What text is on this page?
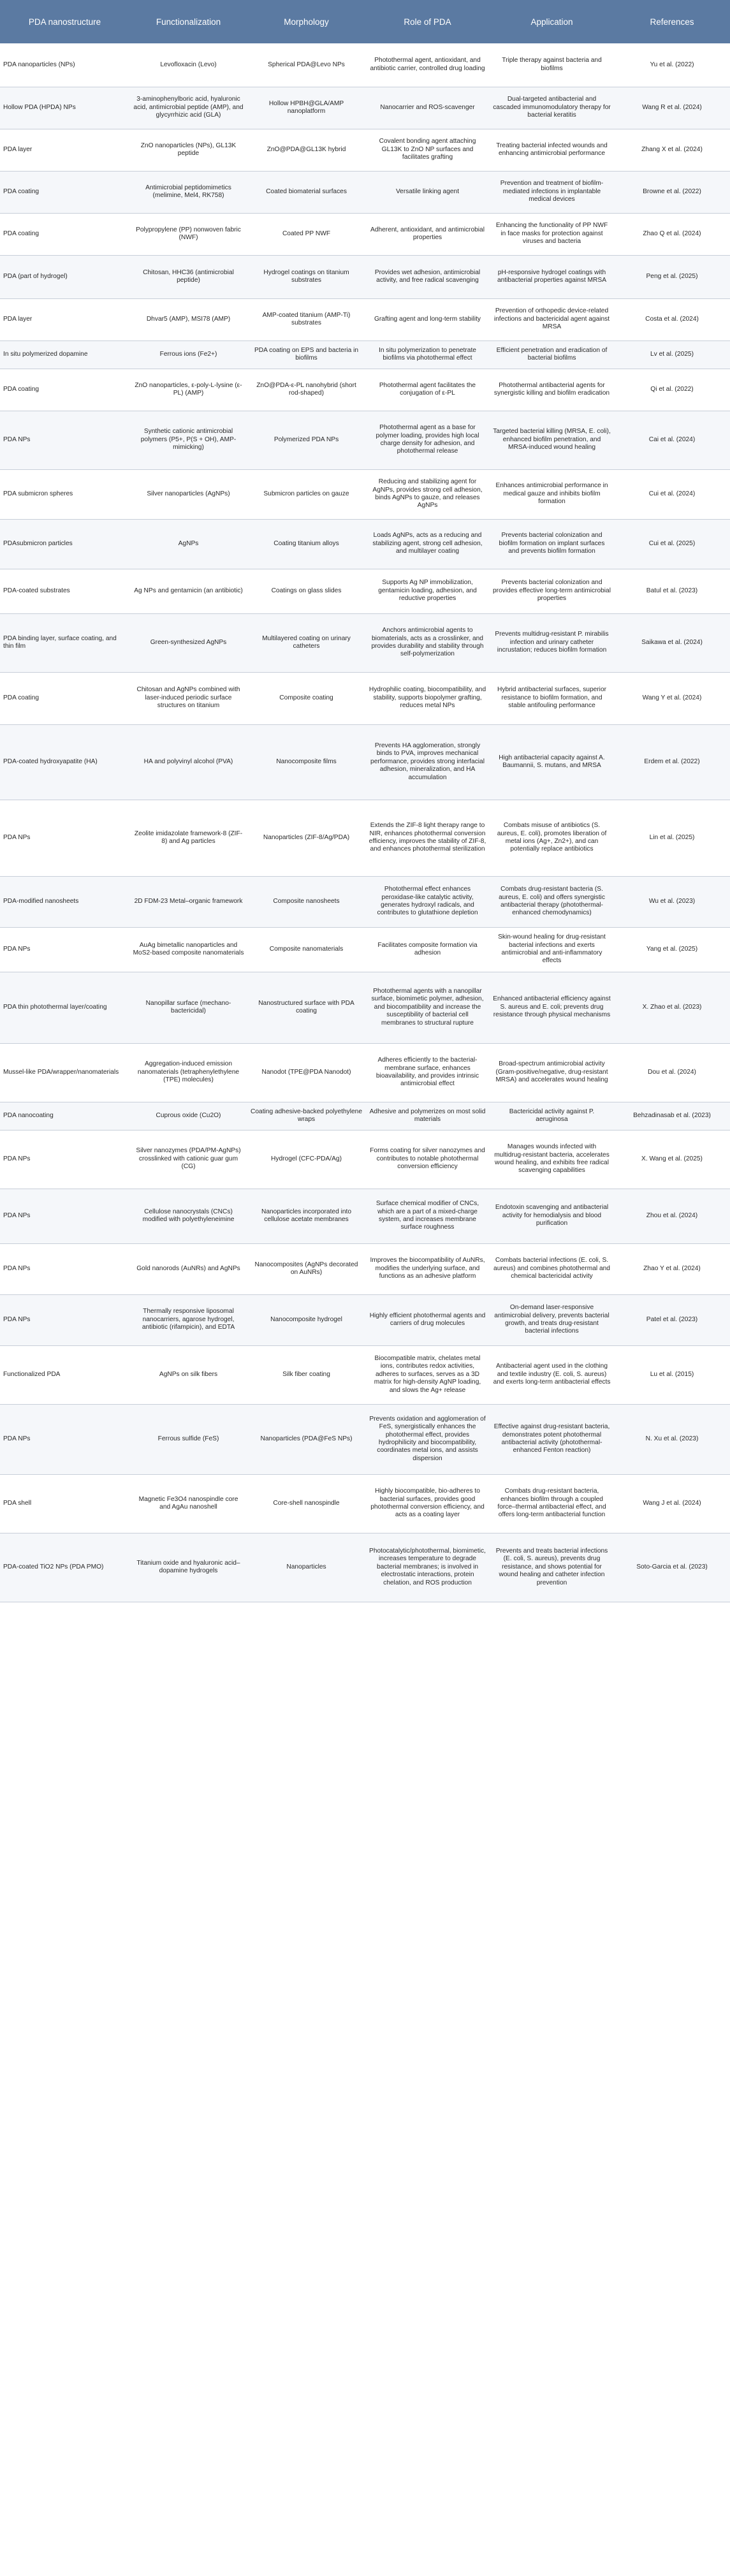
PDA nanostructure	Functionalization	Morphology	Role of PDA	Application	References
PDA nanoparticles (NPs)	Levofloxacin (Levo)	Spherical PDA@Levo NPs	Photothermal agent, antioxidant, and antibiotic carrier, controlled drug loading	Triple therapy against bacteria and biofilms	Yu et al. (2022)
Hollow PDA (HPDA) NPs	3-aminophenylboric acid, hyaluronic acid, antimicrobial peptide (AMP), and glycyrrhizic acid (GLA)	Hollow HPBH@GLA/AMP nanoplatform	Nanocarrier and ROS-scavenger	Dual-targeted antibacterial and cascaded immunomodulatory therapy for bacterial keratitis	Wang R et al. (2024)
PDA layer	ZnO nanoparticles (NPs), GL13K peptide	ZnO@PDA@GL13K hybrid	Covalent bonding agent attaching GL13K to ZnO NP surfaces and facilitates grafting	Treating bacterial infected wounds and enhancing antimicrobial performance	Zhang X et al. (2024)
PDA coating	Antimicrobial peptidomimetics (melimine, Mel4, RK758)	Coated biomaterial surfaces	Versatile linking agent	Prevention and treatment of biofilm-mediated infections in implantable medical devices	Browne et al. (2022)
PDA coating	Polypropylene (PP) nonwoven fabric (NWF)	Coated PP NWF	Adherent, antioxidant, and antimicrobial properties	Enhancing the functionality of PP NWF in face masks for protection against viruses and bacteria	Zhao Q et al. (2024)
PDA (part of hydrogel)	Chitosan, HHC36 (antimicrobial peptide)	Hydrogel coatings on titanium substrates	Provides wet adhesion, antimicrobial activity, and free radical scavenging	pH-responsive hydrogel coatings with antibacterial properties against MRSA	Peng et al. (2025)
PDA layer	Dhvar5 (AMP), MSI78 (AMP)	AMP-coated titanium (AMP-Ti) substrates	Grafting agent and long-term stability	Prevention of orthopedic device-related infections and bactericidal agent against MRSA	Costa et al. (2024)
In situ polymerized dopamine	Ferrous ions (Fe2+)	PDA coating on EPS and bacteria in biofilms	In situ polymerization to penetrate biofilms via photothermal effect	Efficient penetration and eradication of bacterial biofilms	Lv et al. (2025)
PDA coating	ZnO nanoparticles, ε-poly-L-lysine (ε-PL) (AMP)	ZnO@PDA-ε-PL nanohybrid (short rod-shaped)	Photothermal agent facilitates the conjugation of ε-PL	Photothermal antibacterial agents for synergistic killing and biofilm eradication	Qi et al. (2022)
PDA NPs	Synthetic cationic antimicrobial polymers (P5+, P(S + OH), AMP-mimicking)	Polymerized PDA NPs	Photothermal agent as a base for polymer loading, provides high local charge density for adhesion, and photothermal release	Targeted bacterial killing (MRSA, E. coli), enhanced biofilm penetration, and MRSA-induced wound healing	Cai et al. (2024)
PDA submicron spheres	Silver nanoparticles (AgNPs)	Submicron particles on gauze	Reducing and stabilizing agent for AgNPs, provides strong cell adhesion, binds AgNPs to gauze, and releases AgNPs	Enhances antimicrobial performance in medical gauze and inhibits biofilm formation	Cui et al. (2024)
PDAsubmicron particles	AgNPs	Coating titanium alloys	Loads AgNPs, acts as a reducing and stabilizing agent, strong cell adhesion, and multilayer coating	Prevents bacterial colonization and biofilm formation on implant surfaces and prevents biofilm formation	Cui et al. (2025)
PDA-coated substrates	Ag NPs and gentamicin (an antibiotic)	Coatings on glass slides	Supports Ag NP immobilization, gentamicin loading, adhesion, and reductive properties	Prevents bacterial colonization and provides effective long-term antimicrobial properties	Batul et al. (2023)
PDA binding layer, surface coating, and thin film	Green-synthesized AgNPs	Multilayered coating on urinary catheters	Anchors antimicrobial agents to biomaterials, acts as a crosslinker, and provides durability and stability through self-polymerization	Prevents multidrug-resistant P. mirabilis infection and urinary catheter incrustation; reduces biofilm formation	Saikawa et al. (2024)
PDA coating	Chitosan and AgNPs combined with laser-induced periodic surface structures on titanium	Composite coating	Hydrophilic coating, biocompatibility, and stability, supports biopolymer grafting, reduces metal NPs	Hybrid antibacterial surfaces, superior resistance to biofilm formation, and stable antifouling performance	Wang Y et al. (2024)
PDA-coated hydroxyapatite (HA)	HA and polyvinyl alcohol (PVA)	Nanocomposite films	Prevents HA agglomeration, strongly binds to PVA, improves mechanical performance, provides strong interfacial adhesion, mineralization, and HA accumulation	High antibacterial capacity against A. Baumannii, S. mutans, and MRSA	Erdem et al. (2022)
PDA NPs	Zeolite imidazolate framework-8 (ZIF-8) and Ag particles	Nanoparticles (ZIF-8/Ag/PDA)	Extends the ZIF-8 light therapy range to NIR, enhances photothermal conversion efficiency, improves the stability of ZIF-8, and enhances photothermal sterilization	Combats misuse of antibiotics (S. aureus, E. coli), promotes liberation of metal ions (Ag+, Zn2+), and can potentially replace antibiotics	Lin et al. (2025)
PDA-modified nanosheets	2D FDM-23 Metal–organic framework	Composite nanosheets	Photothermal effect enhances peroxidase-like catalytic activity, generates hydroxyl radicals, and contributes to glutathione depletion	Combats drug-resistant bacteria (S. aureus, E. coli) and offers synergistic antibacterial therapy (photothermal-enhanced chemodynamics)	Wu et al. (2023)
PDA NPs	AuAg bimetallic nanoparticles and MoS2-based composite nanomaterials	Composite nanomaterials	Facilitates composite formation via adhesion	Skin-wound healing for drug-resistant bacterial infections and exerts antimicrobial and anti-inflammatory effects	Yang et al. (2025)
PDA thin photothermal layer/coating	Nanopillar surface (mechano-bactericidal)	Nanostructured surface with PDA coating	Photothermal agents with a nanopillar surface, biomimetic polymer, adhesion, and biocompatibility and increase the susceptibility of bacterial cell membranes to structural rupture	Enhanced antibacterial efficiency against S. aureus and E. coli; prevents drug resistance through physical mechanisms	X. Zhao et al. (2023)
Mussel-like PDA/wrapper/nanomaterials	Aggregation-induced emission nanomaterials (tetraphenylethylene (TPE) molecules)	Nanodot (TPE@PDA Nanodot)	Adheres efficiently to the bacterial-membrane surface, enhances bioavailability, and provides intrinsic antimicrobial effect	Broad-spectrum antimicrobial activity (Gram-positive/negative, drug-resistant MRSA) and accelerates wound healing	Dou et al. (2024)
PDA nanocoating	Cuprous oxide (Cu2O)	Coating adhesive-backed polyethylene wraps	Adhesive and polymerizes on most solid materials	Bactericidal activity against P. aeruginosa	Behzadinasab et al. (2023)
PDA NPs	Silver nanozymes (PDA/PM-AgNPs) crosslinked with cationic guar gum (CG)	Hydrogel (CFC-PDA/Ag)	Forms coating for silver nanozymes and contributes to notable photothermal conversion efficiency	Manages wounds infected with multidrug-resistant bacteria, accelerates wound healing, and exhibits free radical scavenging capabilities	X. Wang et al. (2025)
PDA NPs	Cellulose nanocrystals (CNCs) modified with polyethyleneimine	Nanoparticles incorporated into cellulose acetate membranes	Surface chemical modifier of CNCs, which are a part of a mixed-charge system, and increases membrane surface roughness	Endotoxin scavenging and antibacterial activity for hemodialysis and blood purification	Zhou et al. (2024)
PDA NPs	Gold nanorods (AuNRs) and AgNPs	Nanocomposites (AgNPs decorated on AuNRs)	Improves the biocompatibility of AuNRs, modifies the underlying surface, and functions as an adhesive platform	Combats bacterial infections (E. coli, S. aureus) and combines photothermal and chemical bactericidal activity	Zhao Y et al. (2024)
PDA NPs	Thermally responsive liposomal nanocarriers, agarose hydrogel, antibiotic (rifampicin), and EDTA	Nanocomposite hydrogel	Highly efficient photothermal agents and carriers of drug molecules	On-demand laser-responsive antimicrobial delivery, prevents bacterial growth, and treats drug-resistant bacterial infections	Patel et al. (2023)
Functionalized PDA	AgNPs on silk fibers	Silk fiber coating	Biocompatible matrix, chelates metal ions, contributes redox activities, adheres to surfaces, serves as a 3D matrix for high-density AgNP loading, and slows the Ag+ release	Antibacterial agent used in the clothing and textile industry (E. coli, S. aureus) and exerts long-term antibacterial effects	Lu et al. (2015)
PDA NPs	Ferrous sulfide (FeS)	Nanoparticles (PDA@FeS NPs)	Prevents oxidation and agglomeration of FeS, synergistically enhances the photothermal effect, provides hydrophilicity and biocompatibility, coordinates metal ions, and assists dispersion	Effective against drug-resistant bacteria, demonstrates potent photothermal antibacterial activity (photothermal-enhanced Fenton reaction)	N. Xu et al. (2023)
PDA shell	Magnetic Fe3O4 nanospindle core and AgAu nanoshell	Core-shell nanospindle	Highly biocompatible, bio-adheres to bacterial surfaces, provides good photothermal conversion efficiency, and acts as a coating layer	Combats drug-resistant bacteria, enhances biofilm through a coupled force–thermal antibacterial effect, and offers long-term antibacterial function	Wang J et al. (2024)
PDA-coated TiO2 NPs (PDA PMO)	Titanium oxide and hyaluronic acid–dopamine hydrogels	Nanoparticles	Photocatalytic/photothermal, biomimetic, increases temperature to degrade bacterial membranes; is involved in electrostatic interactions, protein chelation, and ROS production	Prevents and treats bacterial infections (E. coli, S. aureus), prevents drug resistance, and shows potential for wound healing and catheter infection prevention	Soto-Garcia et al. (2023)
